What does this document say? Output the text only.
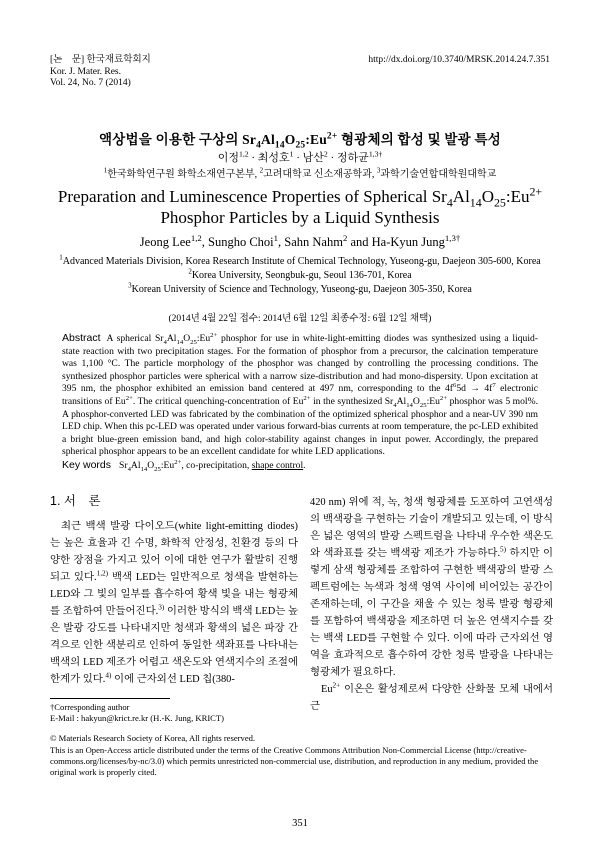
[논　문] 한국재료학회지
Kor. J. Mater. Res.
Vol. 24, No. 7 (2014)
http://dx.doi.org/10.3740/MRSK.2014.24.7.351
액상법을 이용한 구상의 $Sr_4Al_{14}O_{25}:Eu^{2+}$ 형광체의 합성 및 발광 특성
이정$^{1,2}$ · 최성호$^1$ · 남산$^2$ · 정하균$^{1,3\dagger}$
$^1$한국화학연구원 화학소재연구본부, $^2$고려대학교 신소재공학과, $^3$과학기술연합대학원대학교
Preparation and Luminescence Properties of Spherical $Sr_4Al_{14}O_{25}:Eu^{2+}$
Phosphor Particles by a Liquid Synthesis
Jeong Lee$^{1,2}$, Sungho Choi$^1$, Sahn Nahm$^2$ and Ha-Kyun Jung$^{1,3\dagger}$
$^1$Advanced Materials Division, Korea Research Institute of Chemical Technology, Yuseong-gu, Daejeon 305-600, Korea
$^2$Korea University, Seongbuk-gu, Seoul 136-701, Korea
$^3$Korean University of Science and Technology, Yuseong-gu, Daejeon 305-350, Korea
(2014년 4월 22일 접수: 2014년 6월 12일 최종수정: 6월 12일 채택)
Abstract A spherical $Sr_4Al_{14}O_{25}:Eu^{2+}$ phosphor for use in white-light-emitting diodes was synthesized using a liquid-state reaction with two precipitation stages. For the formation of phosphor from a precursor, the calcination temperature was 1,100 °C. The particle morphology of the phosphor was changed by controlling the processing conditions. The synthesized phosphor particles were spherical with a narrow size-distribution and had mono-dispersity. Upon excitation at 395 nm, the phosphor exhibited an emission band centered at 497 nm, corresponding to the $4f^65d \to 4f^7$ electronic transitions of $Eu^{2+}$. The critical quenching-concentration of $Eu^{2+}$ in the synthesized $Sr_4Al_{14}O_{25}:Eu^{2+}$ phosphor was 5 mol%. A phosphor-converted LED was fabricated by the combination of the optimized spherical phosphor and a near-UV 390 nm LED chip. When this pc-LED was operated under various forward-bias currents at room temperature, the pc-LED exhibited a bright blue-green emission band, and high color-stability against changes in input power. Accordingly, the prepared spherical phosphor appears to be an excellent candidate for white LED applications.
Key words $Sr_4Al_{14}O_{25}:Eu^{2+}$, co-precipitation, shape control.
1. 서　론

최근 백색 발광 다이오드(white light-emitting diodes)는 높은 효율과 긴 수명, 화학적 안정성, 친환경 등의 다양한 장점을 가지고 있어 이에 대한 연구가 활발히 진행되고 있다.$^{1,2)}$ 백색 LED는 일반적으로 청색을 발현하는 LED와 그 빛의 일부를 흡수하여 황색 빛을 내는 형광체를 조합하여 만들어진다.$^{3)}$ 이러한 방식의 백색 LED는 높은 발광 강도를 나타내지만 청색과 황색의 넓은 파장 간격으로 인한 색분리로 인하여 동일한 색좌표를 나타내는 백색의 LED 제조가 어렵고 색온도와 연색지수의 조절에 한계가 있다.$^{4)}$ 이에 근자외선 LED 칩(380-

420 nm) 위에 적, 녹, 청색 형광체를 도포하여 고연색성의 백색광을 구현하는 기술이 개발되고 있는데, 이 방식은 넓은 영역의 발광 스펙트럼을 나타내 우수한 색온도와 색좌표를 갖는 백색광 제조가 가능하다.$^{5)}$ 하지만 이렇게 삼색 형광체를 조합하여 구현한 백색광의 발광 스펙트럼에는 녹색과 청색 영역 사이에 비어있는 공간이 존재하는데, 이 구간을 채울 수 있는 청록 발광 형광체를 포함하여 백색광을 제조하면 더 높은 연색지수를 갖는 백색 LED를 구현할 수 있다. 이에 따라 근자외선 영역을 효과적으로 흡수하여 강한 청록 발광을 나타내는 형광체가 필요하다.

$Eu^{2+}$ 이온은 활성제로써 다양한 산화물 모체 내에서 근

†Corresponding author

E-Mail : hakyun@krict.re.kr (H.-K. Jung, KRICT)

© Materials Research Society of Korea, All rights reserved.

This is an Open-Access article distributed under the terms of the Creative Commons Attribution Non-Commercial License (http://creative-commons.org/licenses/by-nc/3.0) which permits unrestricted non-commercial use, distribution, and reproduction in any medium, provided the original work is properly cited.

351
